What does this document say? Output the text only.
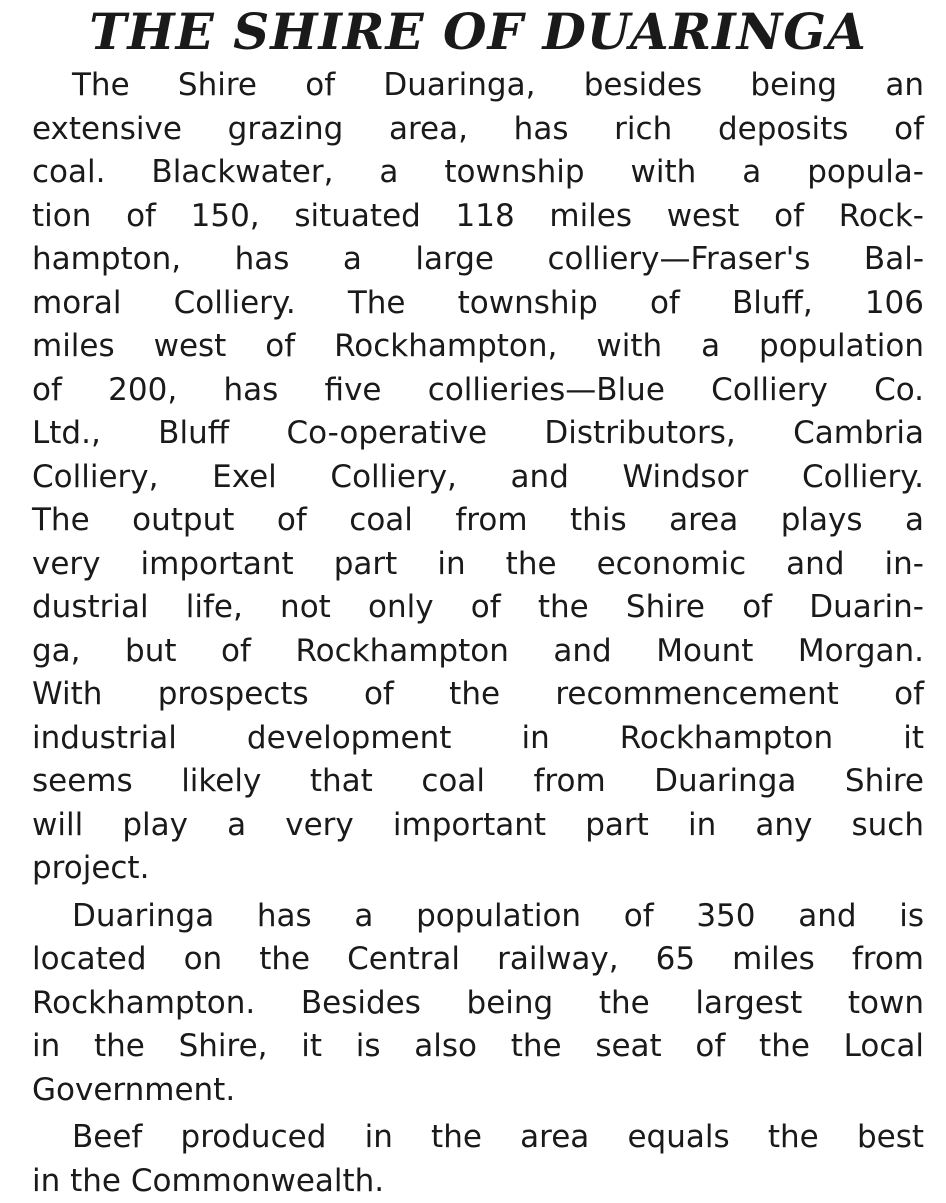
THE SHIRE OF DUARINGA
The Shire of Duaringa, besides being an
extensive grazing area, has rich deposits of
coal. Blackwater, a township with a popula-
tion of 150, situated 118 miles west of Rock-
hampton, has a large colliery—Fraser's Bal-
moral Colliery. The township of Bluff, 106
miles west of Rockhampton, with a population
of 200, has five collieries—Blue Colliery Co.
Ltd., Bluff Co-operative Distributors, Cambria
Colliery, Exel Colliery, and Windsor Colliery.
The output of coal from this area plays a
very important part in the economic and in-
dustrial life, not only of the Shire of Duarin-
ga, but of Rockhampton and Mount Morgan.
With prospects of the recommencement of
industrial development in Rockhampton it
seems likely that coal from Duaringa Shire
will play a very important part in any such
project.
Duaringa has a population of 350 and is
located on the Central railway, 65 miles from
Rockhampton. Besides being the largest town
in the Shire, it is also the seat of the Local
Government.
Beef produced in the area equals the best
in the Commonwealth.
